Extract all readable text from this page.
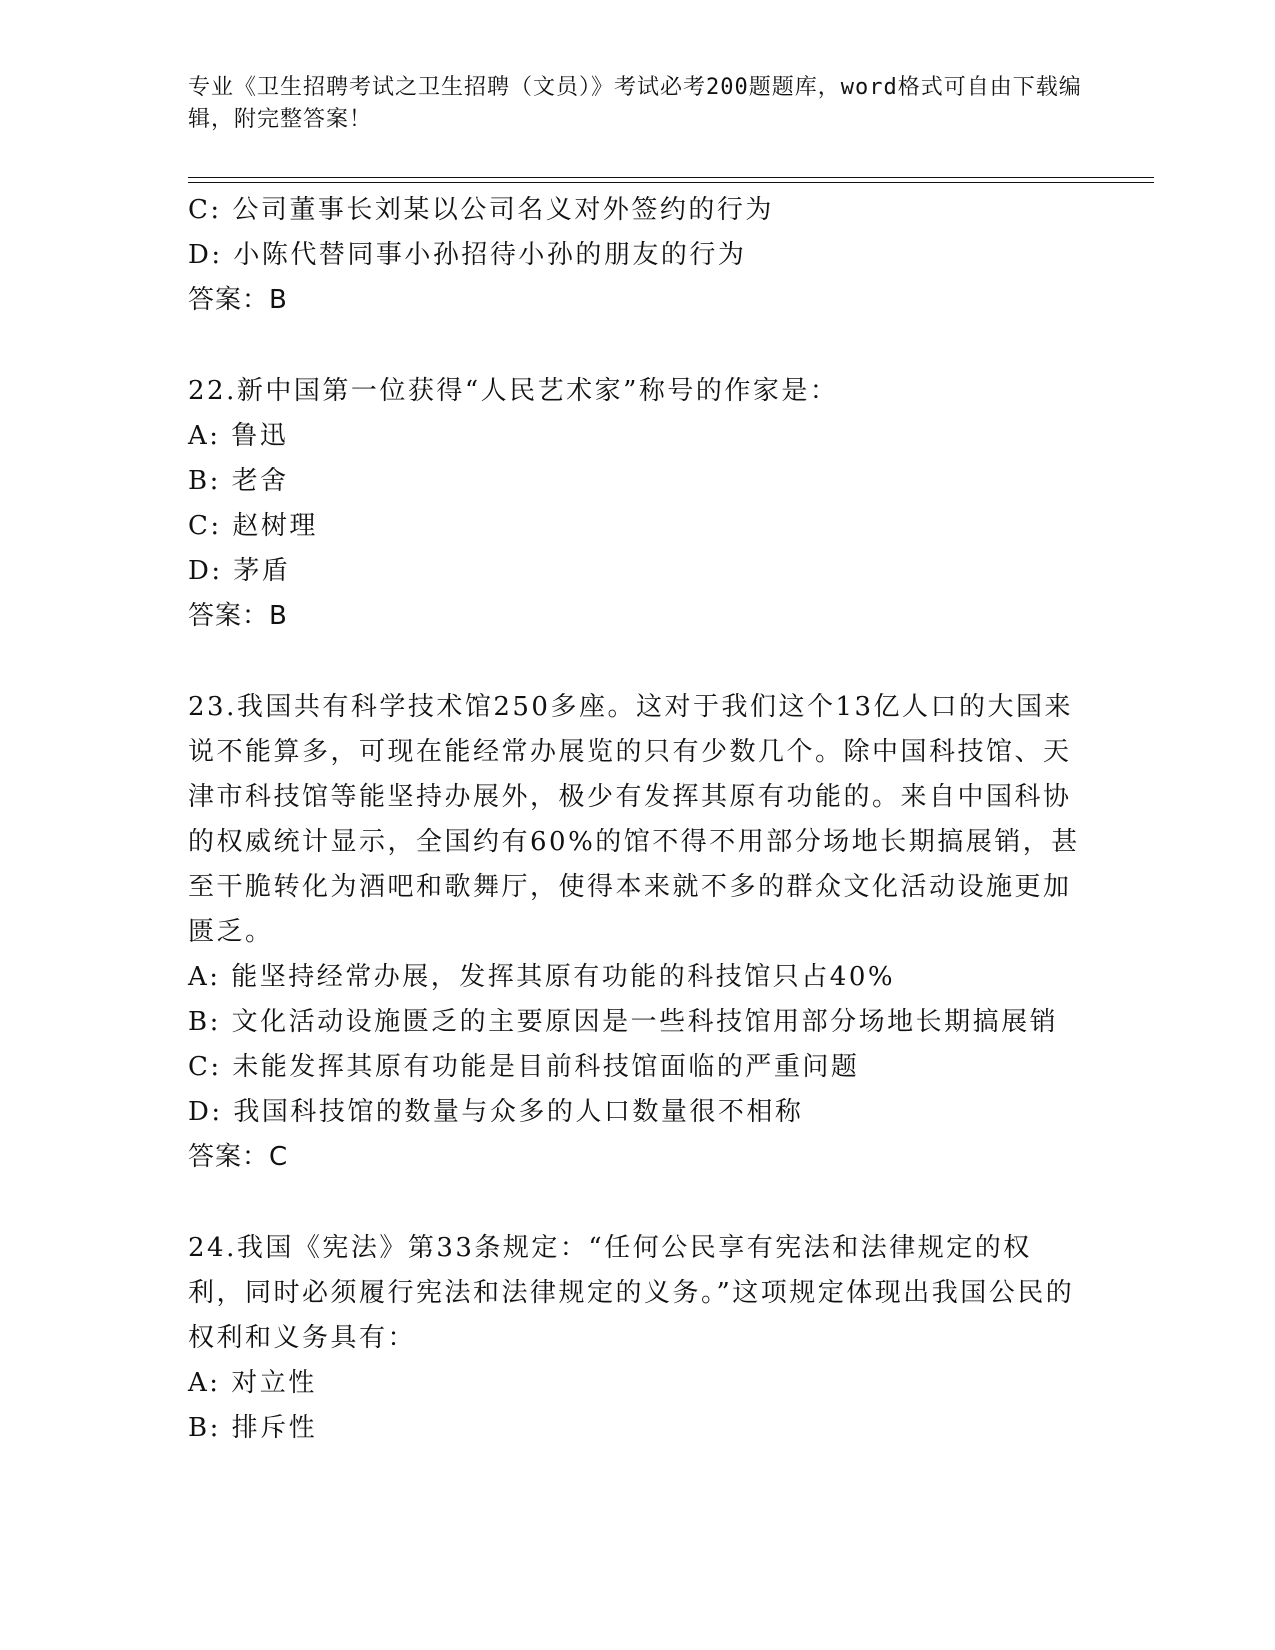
专业《卫生招聘考试之卫生招聘（文员）》考试必考200题题库，word格式可自由下载编辑，附完整答案！
C: 公司董事长刘某以公司名义对外签约的行为
D: 小陈代替同事小孙招待小孙的朋友的行为
答案：B
22.新中国第一位获得“人民艺术家”称号的作家是：
A: 鲁迅
B: 老舍
C: 赵树理
D: 茅盾
答案：B
23.我国共有科学技术馆250多座。这对于我们这个13亿人口的大国来说不能算多，可现在能经常办展览的只有少数几个。除中国科技馆、天津市科技馆等能坚持办展外，极少有发挥其原有功能的。来自中国科协的权威统计显示，全国约有60%的馆不得不用部分场地长期搞展销，甚至干脆转化为酒吧和歌舞厅，使得本来就不多的群众文化活动设施更加匮乏。
A: 能坚持经常办展，发挥其原有功能的科技馆只占40%
B: 文化活动设施匮乏的主要原因是一些科技馆用部分场地长期搞展销
C: 未能发挥其原有功能是目前科技馆面临的严重问题
D: 我国科技馆的数量与众多的人口数量很不相称
答案：C
24.我国《宪法》第33条规定：“任何公民享有宪法和法律规定的权利，同时必须履行宪法和法律规定的义务。”这项规定体现出我国公民的权利和义务具有：
A: 对立性
B: 排斥性
